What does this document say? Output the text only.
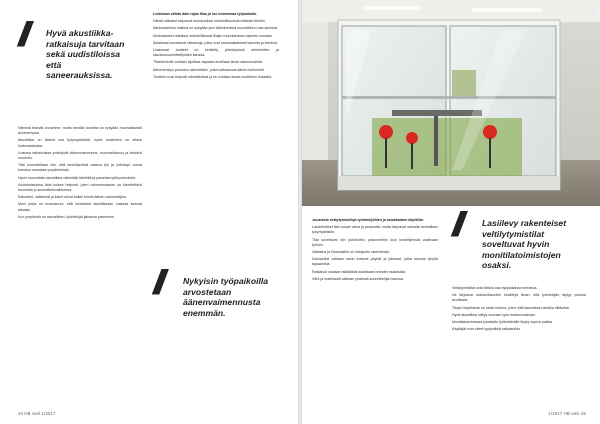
//	Hyvä akustiikka-ratkaisuja tarvitaan sekä uudistiloissa että saneerauksissa.

Nämmä tekevät orvoimme, mutta meidän toiminta on nykyään huomattavasti avoimempaa.

Akustiikka on tärkeä osa työympäristöä, myös tuotteiden on oltava korkealaatuisia.

Uusissa ratkaisuissa yhdistyvät äänenvaimennus, muunneltavuus ja kestävä muotoilu.

Tilat suunnitellaan niin, että keskittymistä vaativa työ ja yhteistyö voivat toteutua samassa ympäristössä.

Hyvin suunniteltu akustiikka vähentää häiriöitä ja parantaa työhyvinvointia.

Avotoimistoissa ääni kulkee helposti, joten vaimennukseen on kiinnitettävä huomiota jo suunnitteluvaiheessa.

Kalusteet, väliseinät ja katot voivat kaikki toimia äänen vaimentajina.

Moni yritys on huomannut, että investointi akustiikkaan maksaa itsensä takaisin.

Kun ympäristö on rauhallinen, työntekijät jaksavat paremmin.

Loistavan vähän ääni rajaa tilaa ja luo tunnelmaa työpaikalla.

Nämä ratkaisut tarjoavat monipuolisia mahdollisuuksia erilaisiin tiloihin.

Äänimaailman hallinta on nykyään yksi tärkeimmistä suunnittelun osa-alueista.

Modulaariset ratkaisut mahdollistavat tilojen muuntamisen tarpeen mukaan.

Asiakkaat arvostavat ratkaisuja, jotka ovat samanaikaisesti kauniita ja toimivia.

Uusimmat tuotteet on kehitetty yhteistyössä arkkitehtien ja sisustussuunnittelijoiden kanssa.

Tilaelementit voidaan sijoittaa vapaasti avotilaan ilman rakennustöitä.

Ääneneristys perustuu rakenteisiin, jotka katkaisevat äänen kulkureitit.

Tuotteet ovat helposti siirrettävissä ja ne voidaan koota uudelleen toisaalla.

//	Nykyisin työpaikoilla arvostetaan äänenvaimennusta enemmän.
44 HB vieli 1/2017
© STARTER, VIM

Joustavia vetäytymistiloja työntekijöiden ja asiakkaiden käyttöön.

Lasiseinäiset tilat tuovat valoa ja avaruutta, mutta tarjoavat samalla rauhallisen työympäristön.

Tilat soveltuvat niin puheluihin, palavereihin kuin keskittymistä vaativaan työhön.

Valaistus ja ilmanvaihto on integroitu rakenteisiin.

Kalusteiksi valitaan usein korkeat pöydät ja jakkarat, jotka tukevat lyhyitä tapaamisia.

Ratkaisut voidaan räätälöidä asiakkaan brändin mukaisiksi.

Värit ja materiaalit valitaan yhdessä suunnittelijan kanssa.

//	Lasiilevy rakenteiset veltilytymistilat soveltuvat hyvin monitilatoimistojen osaksi.

Vetäytymistilat ovat tärkeä osa nykyaikaista toimistoa.

Ne tarjoavat mahdollisuuden keskittyä ilman, että työntekijän täytyy poistua avotilasta.

Tilojen käyttöaste on usein korkea, joten niitä kannattaa hankkia riittävästi.

Hyvä akustiikka näkyy suoraan työn tuottavuudessa.

Monitilatoimistossa jokaiselle työtehtävälle löytyy sopiva paikka.

Käyttäjät ovat olleet tyytyväisiä ratkaisuihin.

1/2017 HB vieli 45
